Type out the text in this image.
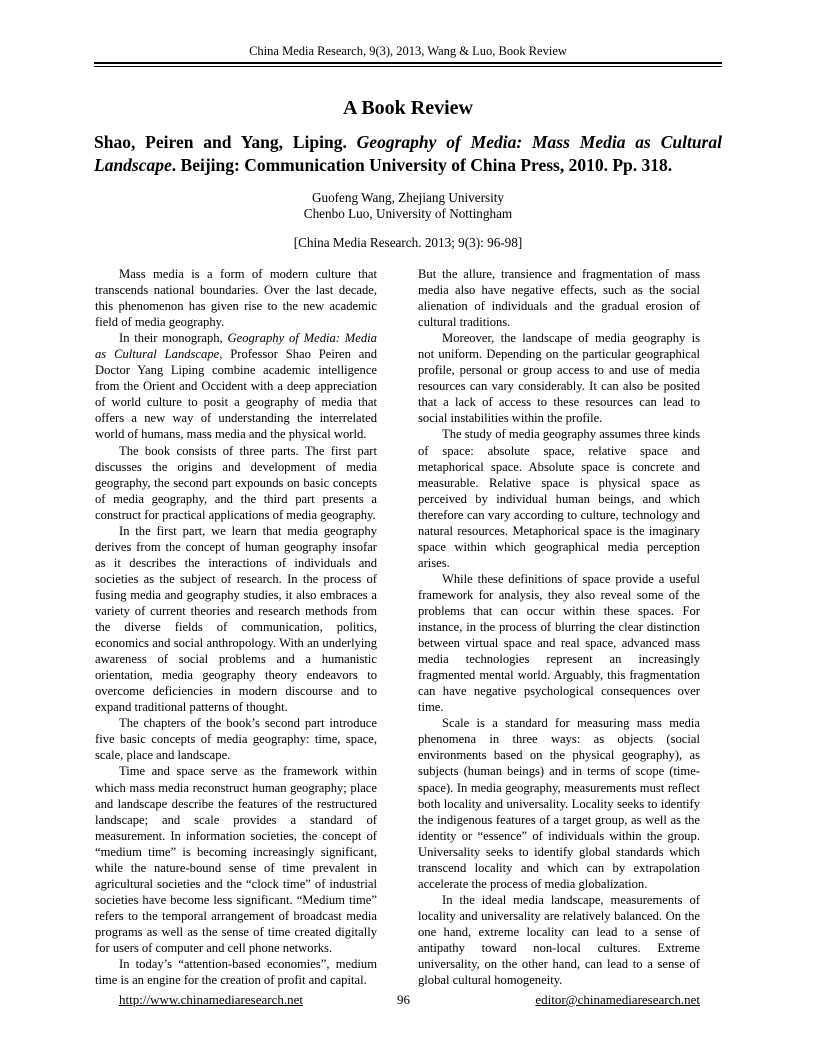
China Media Research, 9(3), 2013, Wang & Luo, Book Review
A Book Review
Shao, Peiren and Yang, Liping. Geography of Media: Mass Media as Cultural Landscape. Beijing: Communication University of China Press, 2010. Pp. 318.
Guofeng Wang, Zhejiang University
Chenbo Luo, University of Nottingham
[China Media Research. 2013; 9(3): 96-98]

Mass media is a form of modern culture that transcends national boundaries. Over the last decade, this phenomenon has given rise to the new academic field of media geography.

In their monograph, Geography of Media: Media as Cultural Landscape, Professor Shao Peiren and Doctor Yang Liping combine academic intelligence from the Orient and Occident with a deep appreciation of world culture to posit a geography of media that offers a new way of understanding the interrelated world of humans, mass media and the physical world.

The book consists of three parts. The first part discusses the origins and development of media geography, the second part expounds on basic concepts of media geography, and the third part presents a construct for practical applications of media geography.

In the first part, we learn that media geography derives from the concept of human geography insofar as it describes the interactions of individuals and societies as the subject of research. In the process of fusing media and geography studies, it also embraces a variety of current theories and research methods from the diverse fields of communication, politics, economics and social anthropology. With an underlying awareness of social problems and a humanistic orientation, media geography theory endeavors to overcome deficiencies in modern discourse and to expand traditional patterns of thought.

The chapters of the book’s second part introduce five basic concepts of media geography: time, space, scale, place and landscape.

Time and space serve as the framework within which mass media reconstruct human geography; place and landscape describe the features of the restructured landscape; and scale provides a standard of measurement. In information societies, the concept of “medium time” is becoming increasingly significant, while the nature-bound sense of time prevalent in agricultural societies and the “clock time” of industrial societies have become less significant. “Medium time” refers to the temporal arrangement of broadcast media programs as well as the sense of time created digitally for users of computer and cell phone networks.

In today’s “attention-based economies”, medium time is an engine for the creation of profit and capital.

But the allure, transience and fragmentation of mass media also have negative effects, such as the social alienation of individuals and the gradual erosion of cultural traditions.

Moreover, the landscape of media geography is not uniform. Depending on the particular geographical profile, personal or group access to and use of media resources can vary considerably. It can also be posited that a lack of access to these resources can lead to social instabilities within the profile.

The study of media geography assumes three kinds of space: absolute space, relative space and metaphorical space. Absolute space is concrete and measurable. Relative space is physical space as perceived by individual human beings, and which therefore can vary according to culture, technology and natural resources. Metaphorical space is the imaginary space within which geographical media perception arises.

While these definitions of space provide a useful framework for analysis, they also reveal some of the problems that can occur within these spaces. For instance, in the process of blurring the clear distinction between virtual space and real space, advanced mass media technologies represent an increasingly fragmented mental world. Arguably, this fragmentation can have negative psychological consequences over time.

Scale is a standard for measuring mass media phenomena in three ways: as objects (social environments based on the physical geography), as subjects (human beings) and in terms of scope (time-space). In media geography, measurements must reflect both locality and universality. Locality seeks to identify the indigenous features of a target group, as well as the identity or “essence” of individuals within the group. Universality seeks to identify global standards which transcend locality and which can by extrapolation accelerate the process of media globalization.

In the ideal media landscape, measurements of locality and universality are relatively balanced. On the one hand, extreme locality can lead to a sense of antipathy toward non-local cultures. Extreme universality, on the other hand, can lead to a sense of global cultural homogeneity.

http://www.chinamediaresearch.net	96	editor@chinamediaresearch.net
